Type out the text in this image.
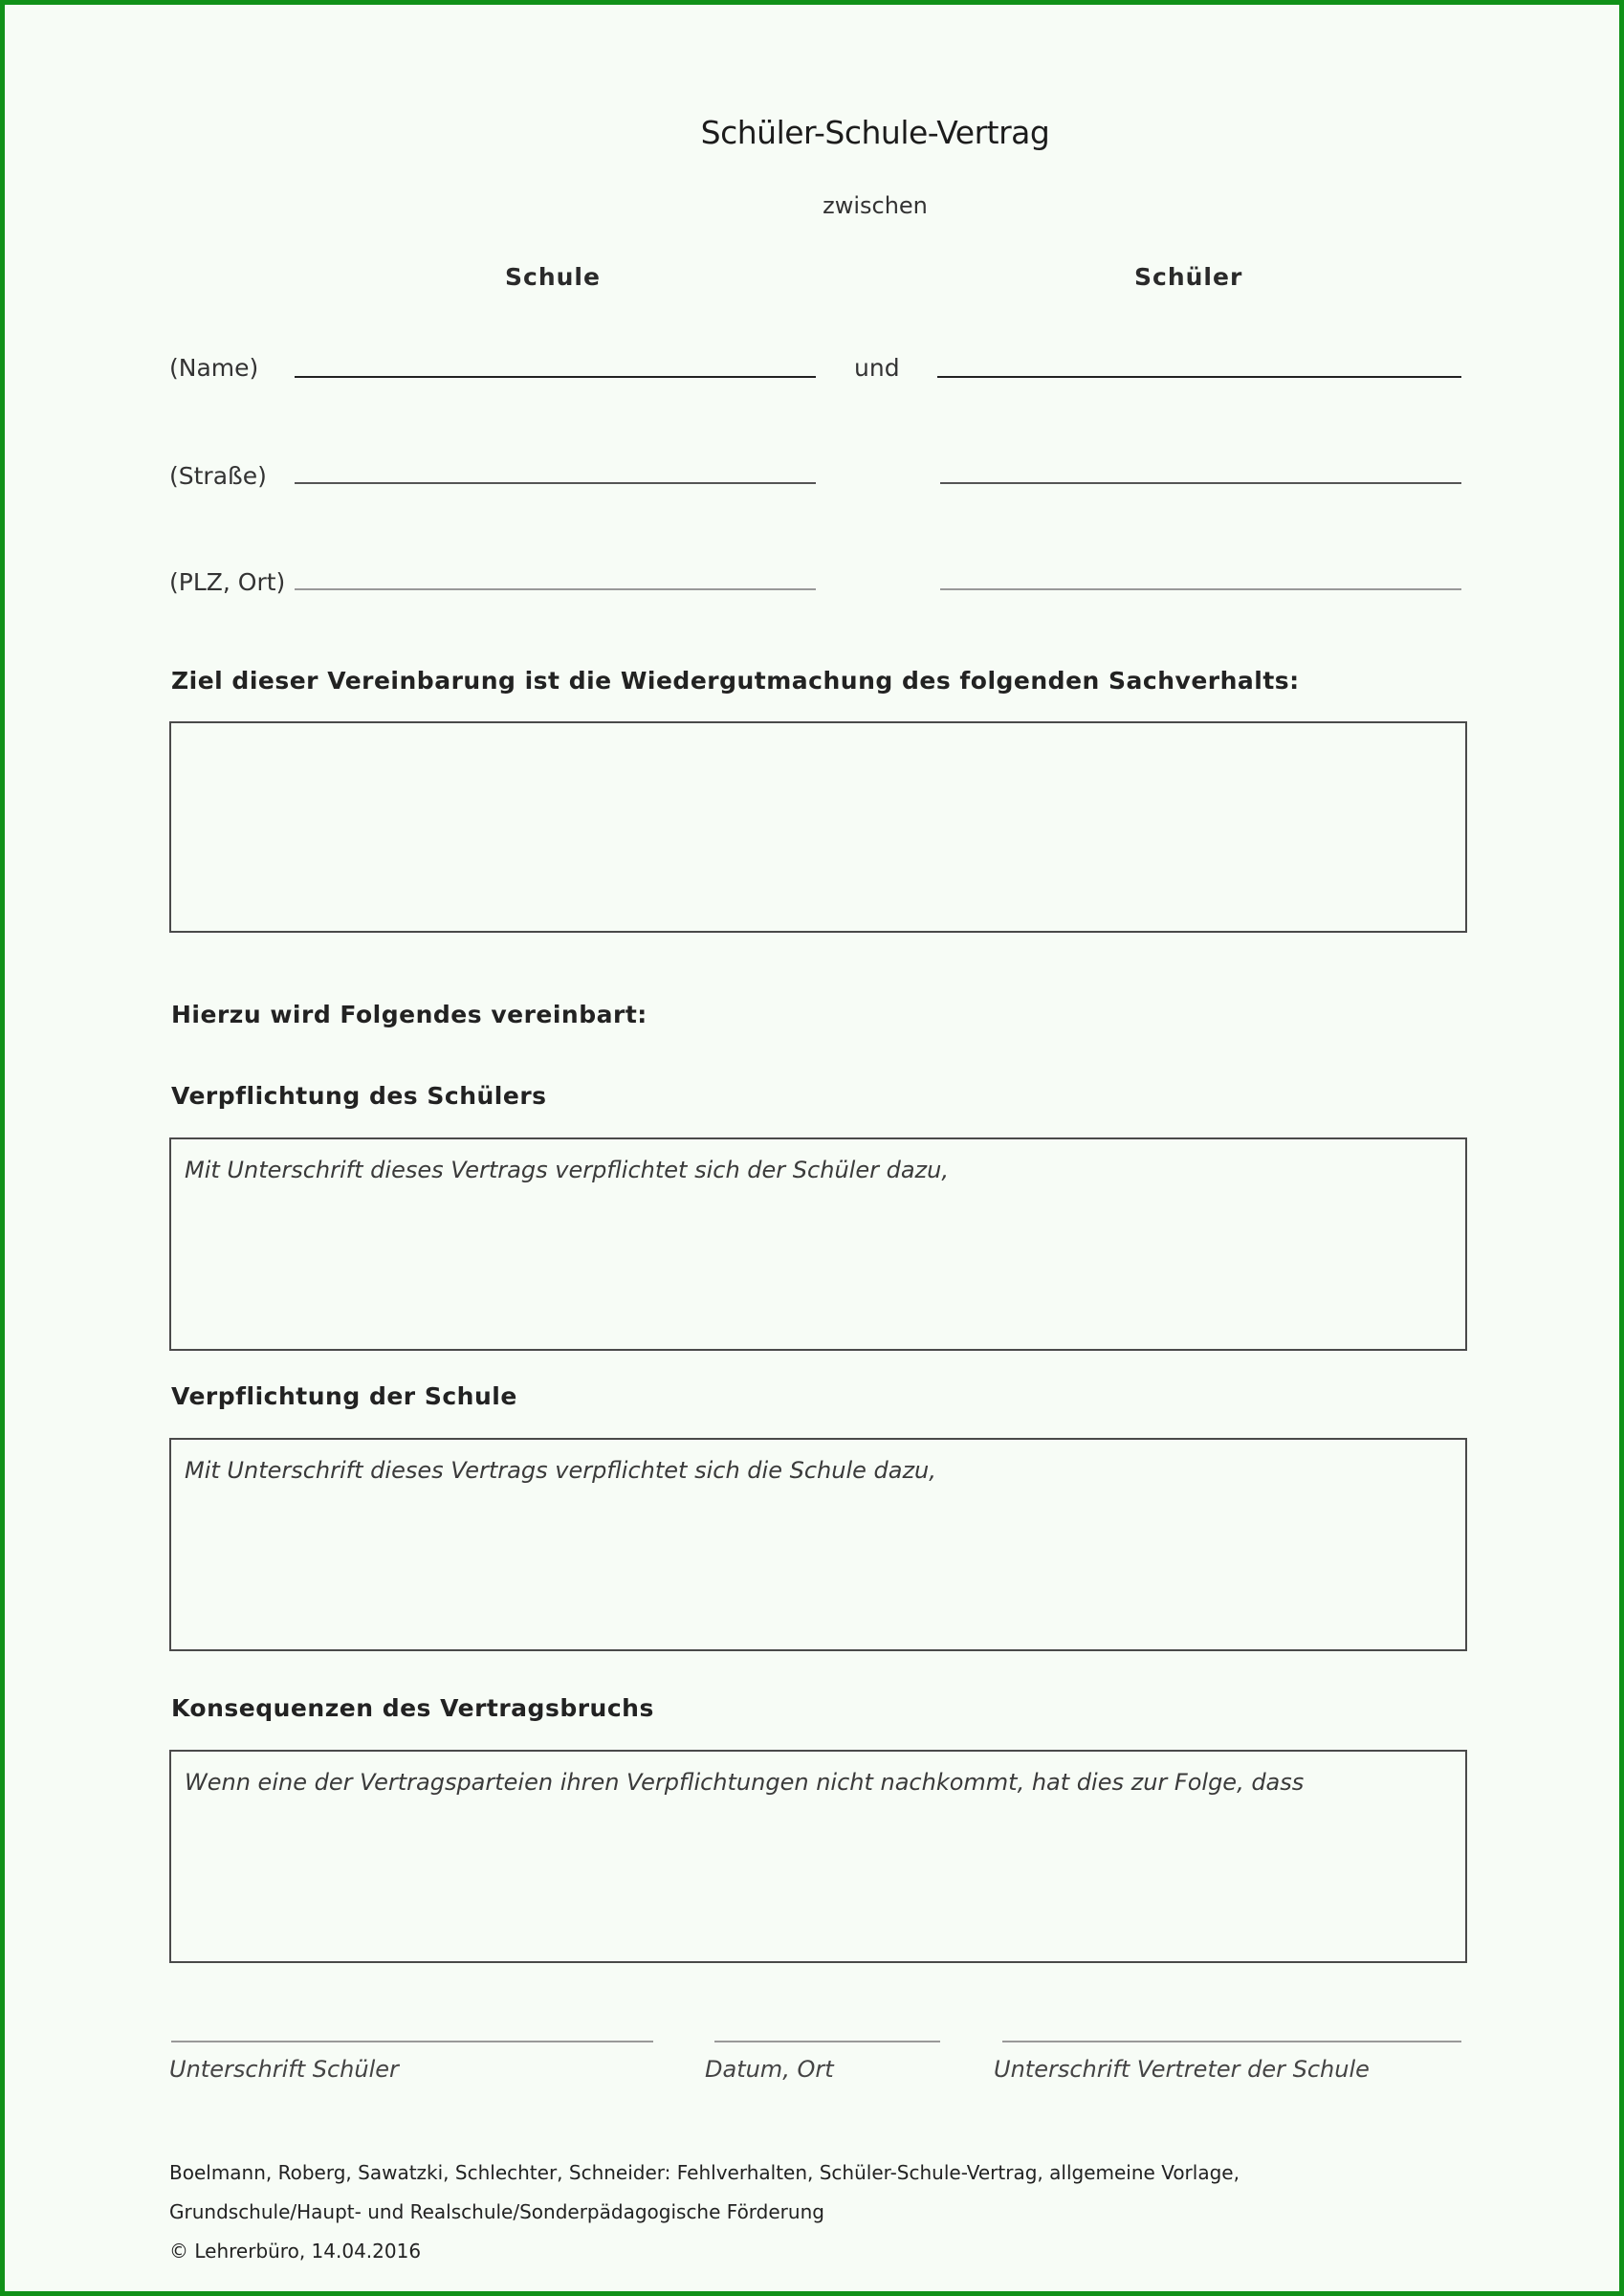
Schüler-Schule-Vertrag
zwischen
Schule	Schüler
(Name)	und
(Straße)
(PLZ, Ort)
Ziel dieser Vereinbarung ist die Wiedergutmachung des folgenden Sachverhalts:
Hierzu wird Folgendes vereinbart:
Verpflichtung des Schülers
Mit Unterschrift dieses Vertrags verpflichtet sich der Schüler dazu,
Verpflichtung der Schule
Mit Unterschrift dieses Vertrags verpflichtet sich die Schule dazu,
Konsequenzen des Vertragsbruchs
Wenn eine der Vertragsparteien ihren Verpflichtungen nicht nachkommt, hat dies zur Folge, dass
Unterschrift Schüler	Datum, Ort	Unterschrift Vertreter der Schule
Boelmann, Roberg, Sawatzki, Schlechter, Schneider: Fehlverhalten, Schüler-Schule-Vertrag, allgemeine Vorlage,
Grundschule/Haupt- und Realschule/Sonderpädagogische Förderung
© Lehrerbüro, 14.04.2016
